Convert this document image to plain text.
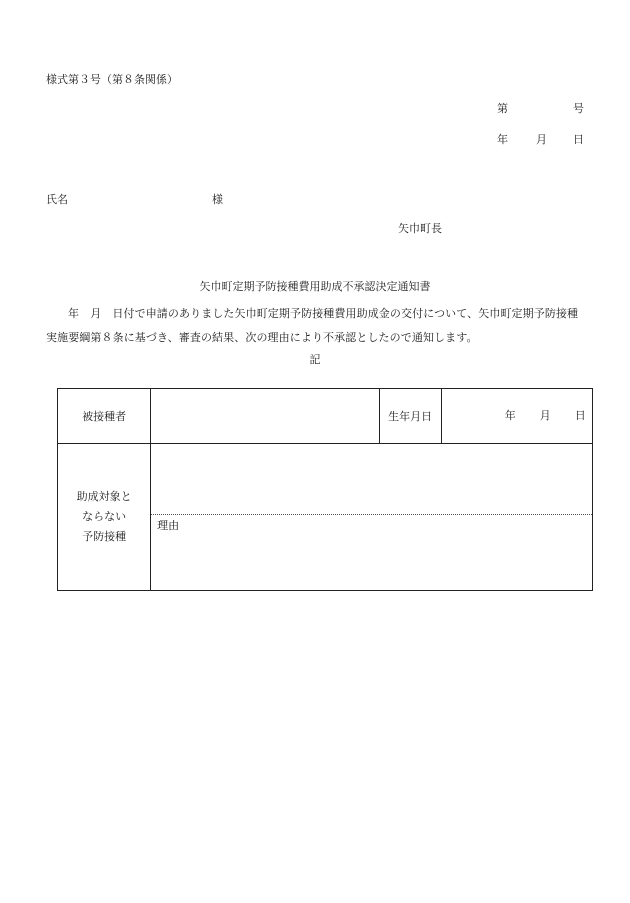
様式第３号（第８条関係）
第	号
年	月 日
氏名	様
矢巾町長
矢巾町定期予防接種費用助成不承認決定通知書
年　月　日付で申請のありました矢巾町定期予防接種費用助成金の交付について、矢巾町定期予防接種実施要綱第８条に基づき、審査の結果、次の理由により不承認としたので通知します。
記
被接種者		生年月日	年 月 日

助成対象と
ならない
予防接種	理由		
